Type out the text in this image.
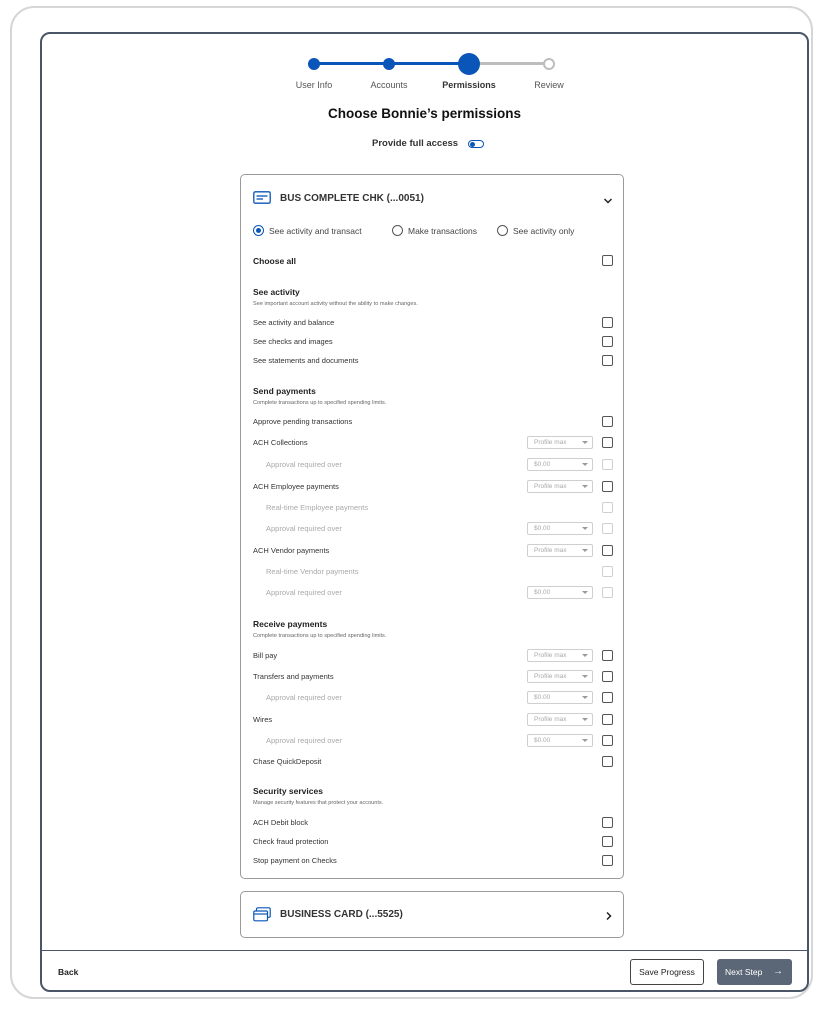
User Info	Accounts	Permissions	Review
Choose Bonnie’s permissions
Provide full access
BUS COMPLETE CHK (...0051)
See activity and transact	Make transactions	See activity only
Choose all
See activity
See important account activity without the ability to make changes.
See activity and balance
See checks and images
See statements and documents
Send payments
Complete transactions up to specified spending limits.
Approve pending transactions
ACH Collections	Profile max
Approval required over	$0.00
ACH Employee payments	Profile max
Real-time Employee payments
Approval required over	$0.00
ACH Vendor payments	Profile max
Real-time Vendor payments
Approval required over	$0.00
Receive payments
Complete transactions up to specified spending limits.
Bill pay	Profile max
Transfers and payments	Profile max
Approval required over	$0.00
Wires	Profile max
Approval required over	$0.00
Chase QuickDeposit
Security services
Manage security features that protect your accounts.
ACH Debit block
Check fraud protection
Stop payment on Checks
BUSINESS CARD (...5525)
Back	Save Progress	Next Step →
